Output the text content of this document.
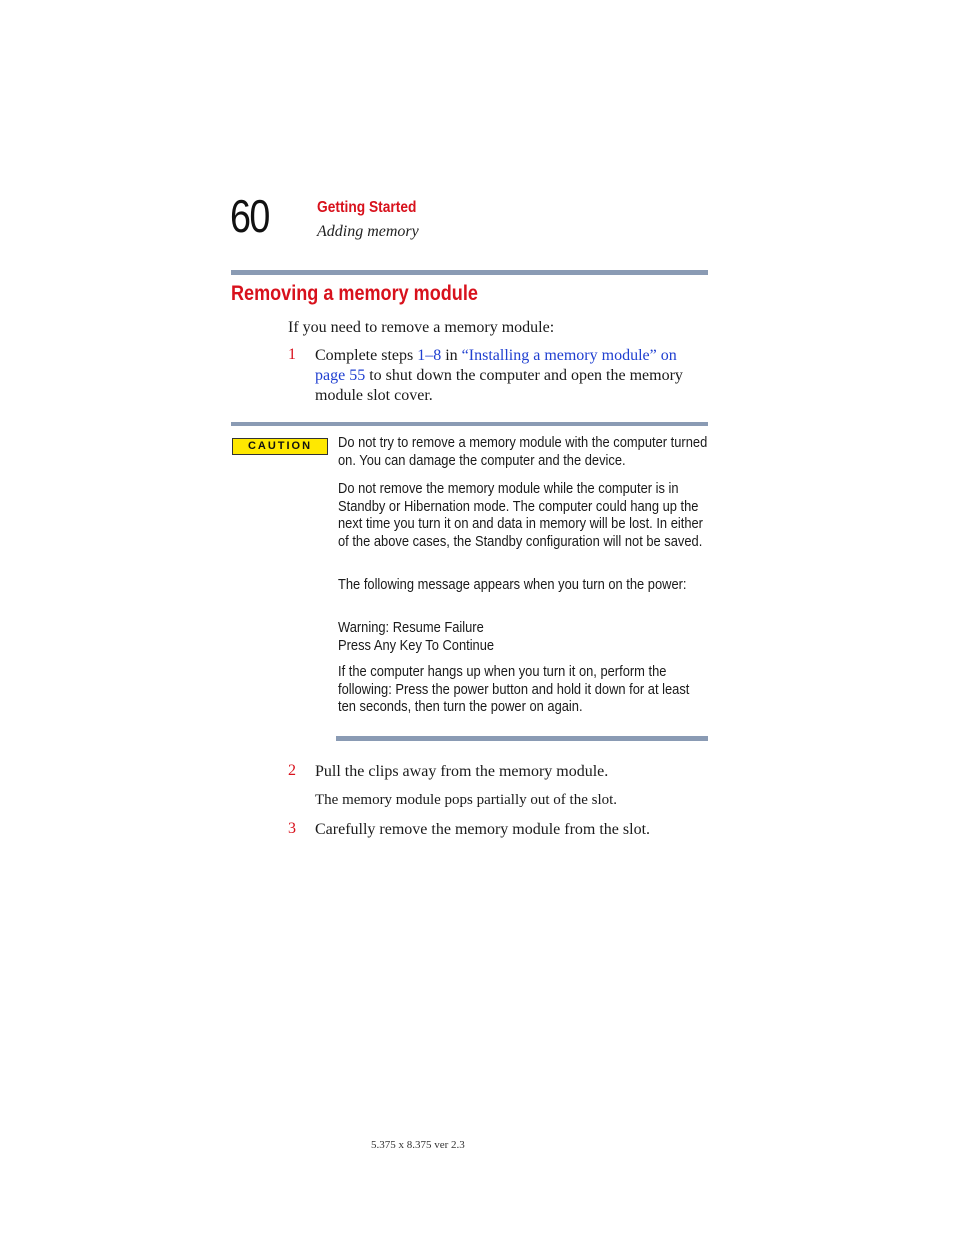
60	Getting Started
Adding memory
Removing a memory module
If you need to remove a memory module:
1 Complete steps 1–8 in “Installing a memory module” on page 55 to shut down the computer and open the memory module slot cover.
CAUTION	Do not try to remove a memory module with the computer turned on. You can damage the computer and the device.
Do not remove the memory module while the computer is in Standby or Hibernation mode. The computer could hang up the next time you turn it on and data in memory will be lost. In either of the above cases, the Standby configuration will not be saved.
The following message appears when you turn on the power:
Warning: Resume Failure
Press Any Key To Continue
If the computer hangs up when you turn it on, perform the following: Press the power button and hold it down for at least ten seconds, then turn the power on again.
2 Pull the clips away from the memory module.
The memory module pops partially out of the slot.
3 Carefully remove the memory module from the slot.
5.375 x 8.375 ver 2.3
